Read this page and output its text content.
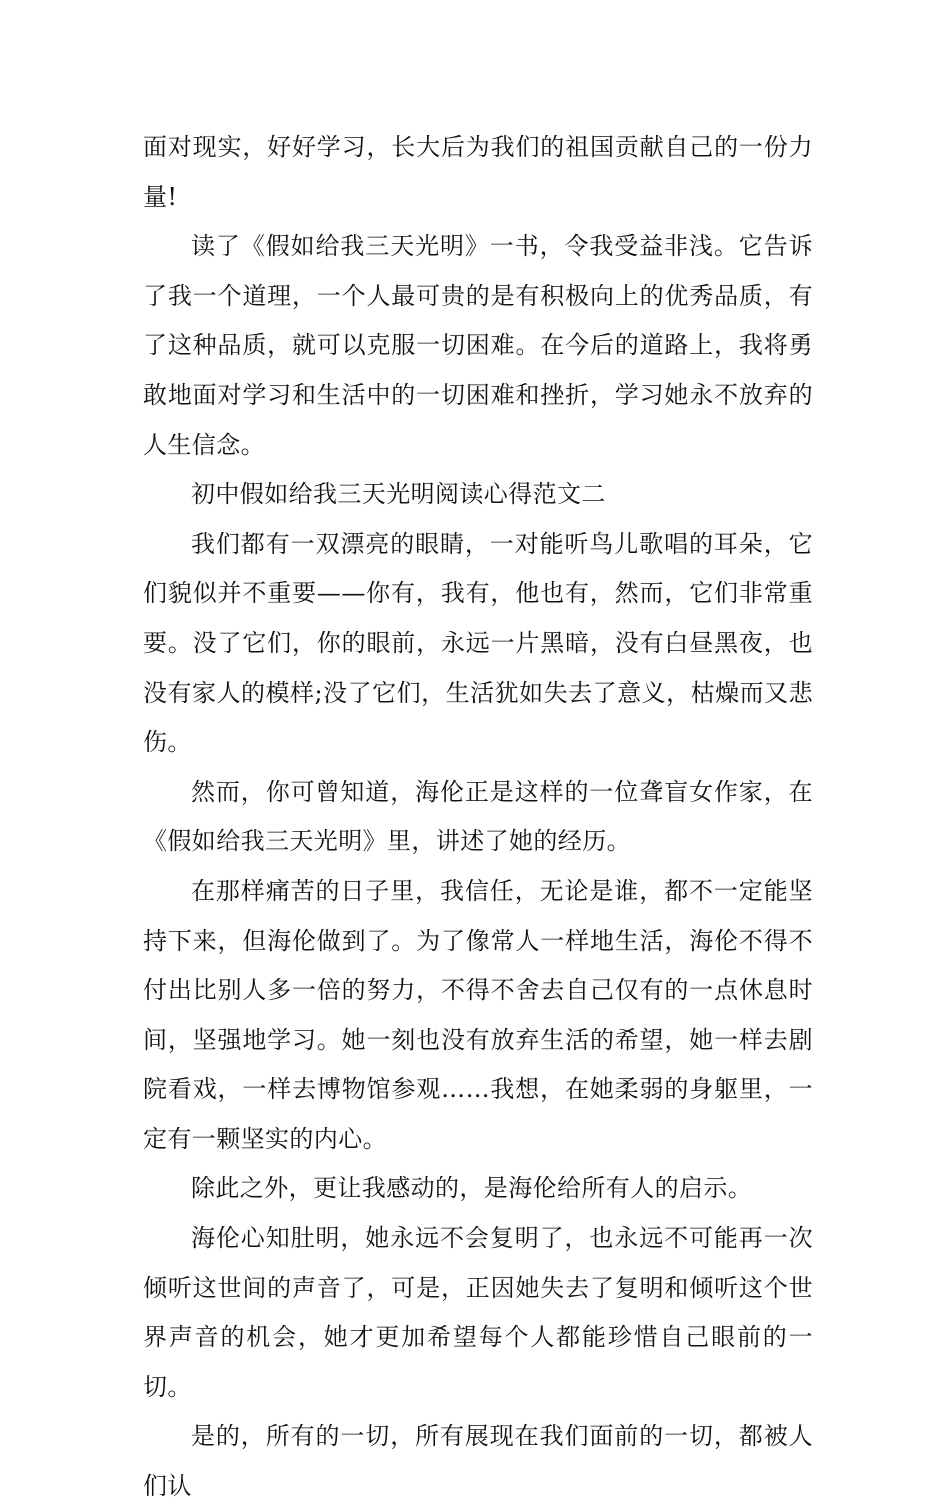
面对现实，好好学习，长大后为我们的祖国贡献自己的一份力量!

读了《假如给我三天光明》一书，令我受益非浅。它告诉了我一个道理，一个人最可贵的是有积极向上的优秀品质，有了这种品质，就可以克服一切困难。在今后的道路上，我将勇敢地面对学习和生活中的一切困难和挫折，学习她永不放弃的人生信念。

初中假如给我三天光明阅读心得范文二

我们都有一双漂亮的眼睛，一对能听鸟儿歌唱的耳朵，它们貌似并不重要——你有，我有，他也有，然而，它们非常重要。没了它们，你的眼前，永远一片黑暗，没有白昼黑夜，也没有家人的模样;没了它们，生活犹如失去了意义，枯燥而又悲伤。

然而，你可曾知道，海伦正是这样的一位聋盲女作家，在《假如给我三天光明》里，讲述了她的经历。

在那样痛苦的日子里，我信任，无论是谁，都不一定能坚持下来，但海伦做到了。为了像常人一样地生活，海伦不得不付出比别人多一倍的努力，不得不舍去自己仅有的一点休息时间，坚强地学习。她一刻也没有放弃生活的希望，她一样去剧院看戏，一样去博物馆参观……我想，在她柔弱的身躯里，一定有一颗坚实的内心。

除此之外，更让我感动的，是海伦给所有人的启示。

海伦心知肚明，她永远不会复明了，也永远不可能再一次倾听这世间的声音了，可是，正因她失去了复明和倾听这个世界声音的机会，她才更加希望每个人都能珍惜自己眼前的一切。

是的，所有的一切，所有展现在我们面前的一切，都被人们认
